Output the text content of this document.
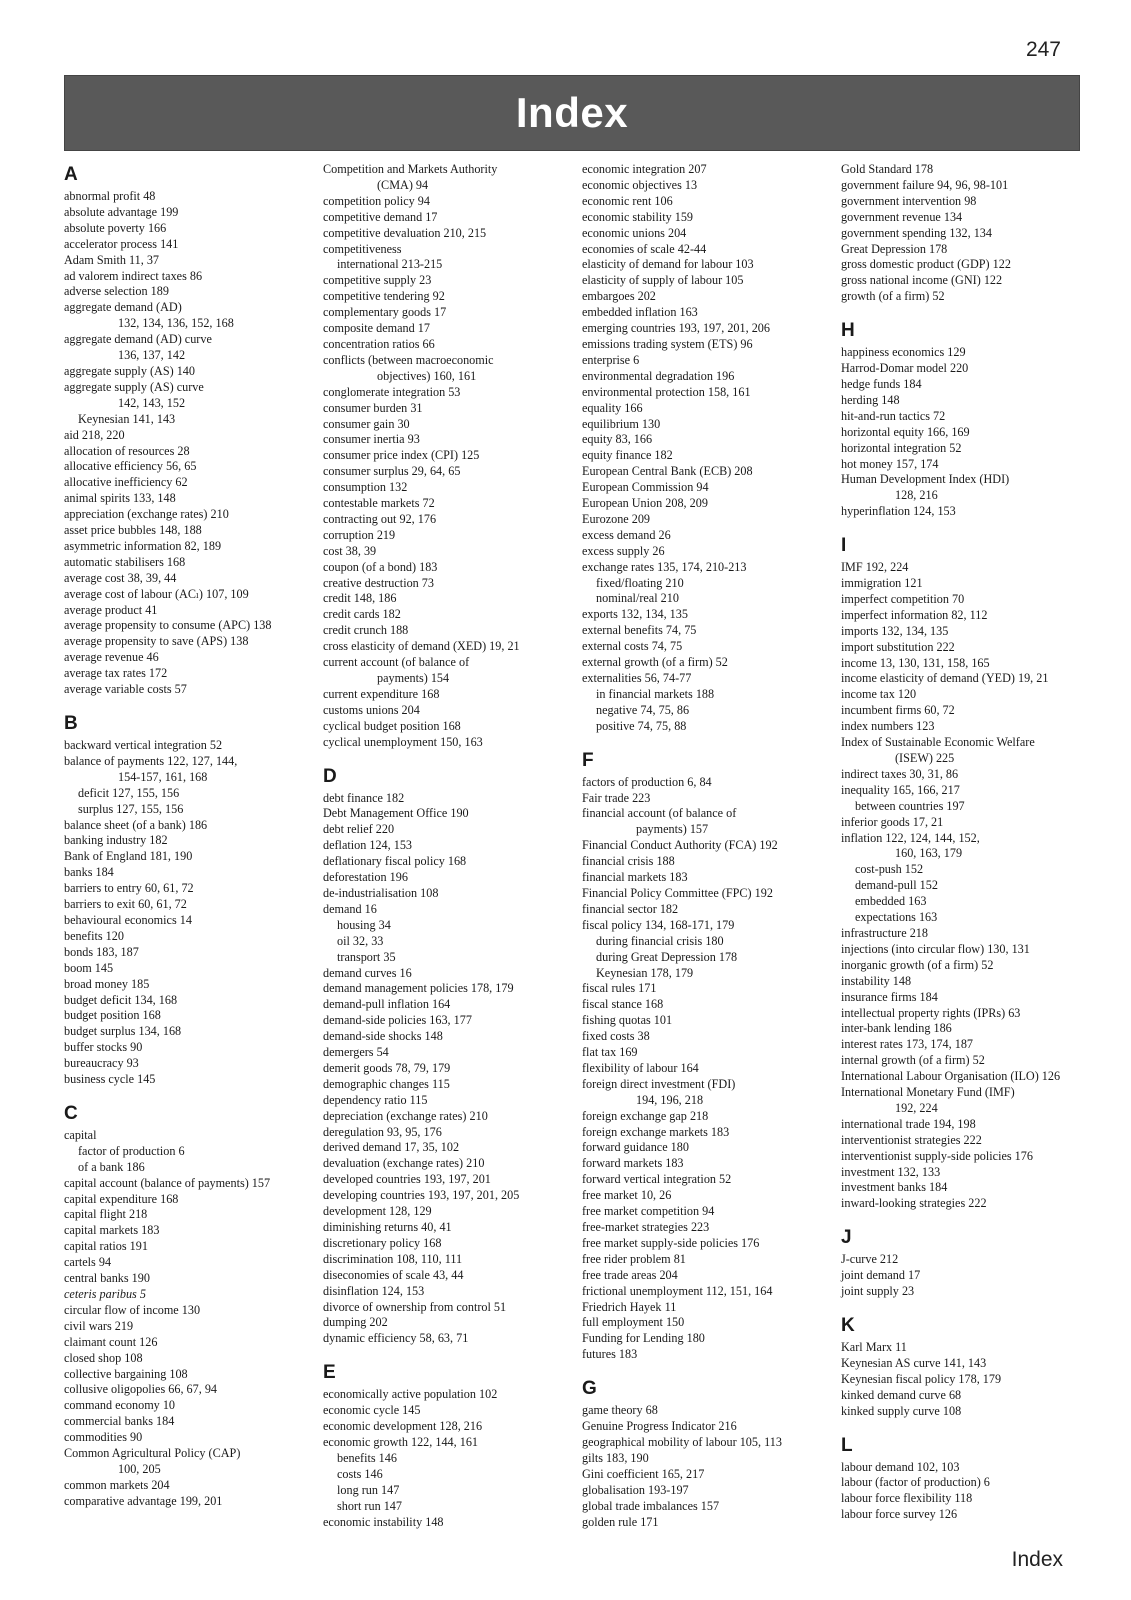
247
Index
A
abnormal profit 48
absolute advantage 199
absolute poverty 166
accelerator process 141
Adam Smith 11, 37
ad valorem indirect taxes 86
adverse selection 189
aggregate demand (AD)
132, 134, 136, 152, 168
aggregate demand (AD) curve
136, 137, 142
aggregate supply (AS) 140
aggregate supply (AS) curve
142, 143, 152
Keynesian 141, 143
aid 218, 220
allocation of resources 28
allocative efficiency 56, 65
allocative inefficiency 62
animal spirits 133, 148
appreciation (exchange rates) 210
asset price bubbles 148, 188
asymmetric information 82, 189
automatic stabilisers 168
average cost 38, 39, 44
average cost of labour (ACₗ) 107, 109
average product 41
average propensity to consume (APC) 138
average propensity to save (APS) 138
average revenue 46
average tax rates 172
average variable costs 57
B
backward vertical integration 52
balance of payments 122, 127, 144,
154-157, 161, 168
deficit 127, 155, 156
surplus 127, 155, 156
balance sheet (of a bank) 186
banking industry 182
Bank of England 181, 190
banks 184
barriers to entry 60, 61, 72
barriers to exit 60, 61, 72
behavioural economics 14
benefits 120
bonds 183, 187
boom 145
broad money 185
budget deficit 134, 168
budget position 168
budget surplus 134, 168
buffer stocks 90
bureaucracy 93
business cycle 145
C
capital
factor of production 6
of a bank 186
capital account (balance of payments) 157
capital expenditure 168
capital flight 218
capital markets 183
capital ratios 191
cartels 94
central banks 190
ceteris paribus 5
circular flow of income 130
civil wars 219
claimant count 126
closed shop 108
collective bargaining 108
collusive oligopolies 66, 67, 94
command economy 10
commercial banks 184
commodities 90
Common Agricultural Policy (CAP)
100, 205
common markets 204
comparative advantage 199, 201
Competition and Markets Authority
(CMA) 94
competition policy 94
competitive demand 17
competitive devaluation 210, 215
competitiveness
international 213-215
competitive supply 23
competitive tendering 92
complementary goods 17
composite demand 17
concentration ratios 66
conflicts (between macroeconomic
objectives) 160, 161
conglomerate integration 53
consumer burden 31
consumer gain 30
consumer inertia 93
consumer price index (CPI) 125
consumer surplus 29, 64, 65
consumption 132
contestable markets 72
contracting out 92, 176
corruption 219
cost 38, 39
coupon (of a bond) 183
creative destruction 73
credit 148, 186
credit cards 182
credit crunch 188
cross elasticity of demand (XED) 19, 21
current account (of balance of
payments) 154
current expenditure 168
customs unions 204
cyclical budget position 168
cyclical unemployment 150, 163
D
debt finance 182
Debt Management Office 190
debt relief 220
deflation 124, 153
deflationary fiscal policy 168
deforestation 196
de-industrialisation 108
demand 16
housing 34
oil 32, 33
transport 35
demand curves 16
demand management policies 178, 179
demand-pull inflation 164
demand-side policies 163, 177
demand-side shocks 148
demergers 54
demerit goods 78, 79, 179
demographic changes 115
dependency ratio 115
depreciation (exchange rates) 210
deregulation 93, 95, 176
derived demand 17, 35, 102
devaluation (exchange rates) 210
developed countries 193, 197, 201
developing countries 193, 197, 201, 205
development 128, 129
diminishing returns 40, 41
discretionary policy 168
discrimination 108, 110, 111
diseconomies of scale 43, 44
disinflation 124, 153
divorce of ownership from control 51
dumping 202
dynamic efficiency 58, 63, 71
E
economically active population 102
economic cycle 145
economic development 128, 216
economic growth 122, 144, 161
benefits 146
costs 146
long run 147
short run 147
economic instability 148
economic integration 207
economic objectives 13
economic rent 106
economic stability 159
economic unions 204
economies of scale 42-44
elasticity of demand for labour 103
elasticity of supply of labour 105
embargoes 202
embedded inflation 163
emerging countries 193, 197, 201, 206
emissions trading system (ETS) 96
enterprise 6
environmental degradation 196
environmental protection 158, 161
equality 166
equilibrium 130
equity 83, 166
equity finance 182
European Central Bank (ECB) 208
European Commission 94
European Union 208, 209
Eurozone 209
excess demand 26
excess supply 26
exchange rates 135, 174, 210-213
fixed/floating 210
nominal/real 210
exports 132, 134, 135
external benefits 74, 75
external costs 74, 75
external growth (of a firm) 52
externalities 56, 74-77
in financial markets 188
negative 74, 75, 86
positive 74, 75, 88
F
factors of production 6, 84
Fair trade 223
financial account (of balance of
payments) 157
Financial Conduct Authority (FCA) 192
financial crisis 188
financial markets 183
Financial Policy Committee (FPC) 192
financial sector 182
fiscal policy 134, 168-171, 179
during financial crisis 180
during Great Depression 178
Keynesian 178, 179
fiscal rules 171
fiscal stance 168
fishing quotas 101
fixed costs 38
flat tax 169
flexibility of labour 164
foreign direct investment (FDI)
194, 196, 218
foreign exchange gap 218
foreign exchange markets 183
forward guidance 180
forward markets 183
forward vertical integration 52
free market 10, 26
free market competition 94
free-market strategies 223
free market supply-side policies 176
free rider problem 81
free trade areas 204
frictional unemployment 112, 151, 164
Friedrich Hayek 11
full employment 150
Funding for Lending 180
futures 183
G
game theory 68
Genuine Progress Indicator 216
geographical mobility of labour 105, 113
gilts 183, 190
Gini coefficient 165, 217
globalisation 193-197
global trade imbalances 157
golden rule 171
Gold Standard 178
government failure 94, 96, 98-101
government intervention 98
government revenue 134
government spending 132, 134
Great Depression 178
gross domestic product (GDP) 122
gross national income (GNI) 122
growth (of a firm) 52
H
happiness economics 129
Harrod-Domar model 220
hedge funds 184
herding 148
hit-and-run tactics 72
horizontal equity 166, 169
horizontal integration 52
hot money 157, 174
Human Development Index (HDI)
128, 216
hyperinflation 124, 153
I
IMF 192, 224
immigration 121
imperfect competition 70
imperfect information 82, 112
imports 132, 134, 135
import substitution 222
income 13, 130, 131, 158, 165
income elasticity of demand (YED) 19, 21
income tax 120
incumbent firms 60, 72
index numbers 123
Index of Sustainable Economic Welfare
(ISEW) 225
indirect taxes 30, 31, 86
inequality 165, 166, 217
between countries 197
inferior goods 17, 21
inflation 122, 124, 144, 152,
160, 163, 179
cost-push 152
demand-pull 152
embedded 163
expectations 163
infrastructure 218
injections (into circular flow) 130, 131
inorganic growth (of a firm) 52
instability 148
insurance firms 184
intellectual property rights (IPRs) 63
inter-bank lending 186
interest rates 173, 174, 187
internal growth (of a firm) 52
International Labour Organisation (ILO) 126
International Monetary Fund (IMF)
192, 224
international trade 194, 198
interventionist strategies 222
interventionist supply-side policies 176
investment 132, 133
investment banks 184
inward-looking strategies 222
J
J-curve 212
joint demand 17
joint supply 23
K
Karl Marx 11
Keynesian AS curve 141, 143
Keynesian fiscal policy 178, 179
kinked demand curve 68
kinked supply curve 108
L
labour demand 102, 103
labour (factor of production) 6
labour force flexibility 118
labour force survey 126
Index
